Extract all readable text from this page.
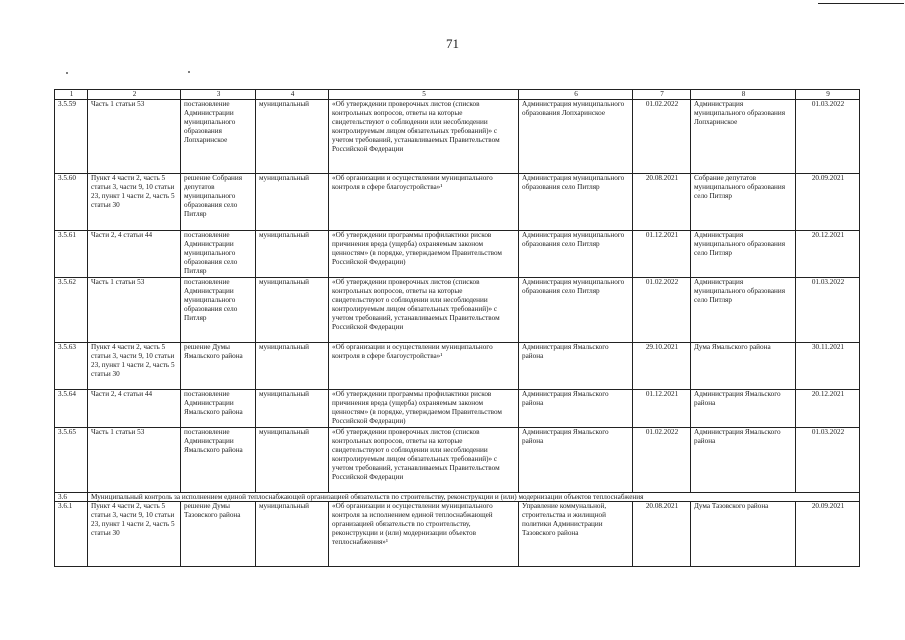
71
1	2	3	4	5	6	7	8	9
3.5.59	Часть 1 статьи 53	постановление Администрации муниципального образования Лопхаринское	муниципальный	«Об утверждении проверочных листов (списков контрольных вопросов, ответы на которые свидетельствуют о соблюдении или несоблюдении контролируемым лицом обязательных требований)» с учетом требований, устанавливаемых Правительством Российской Федерации	Администрация муниципального образования Лопхаринское	01.02.2022	Администрация муниципального образования Лопхаринское	01.03.2022
3.5.60	Пункт 4 части 2, часть 5 статьи 3, части 9, 10 статьи 23, пункт 1 части 2, часть 5 статьи 30	решение Собрания депутатов муниципального образования село Питляр	муниципальный	«Об организации и осуществлении муниципального контроля в сфере благоустройства»¹	Администрация муниципального образования село Питляр	20.08.2021	Собрание депутатов муниципального образования село Питляр	20.09.2021
3.5.61	Части 2, 4 статьи 44	постановление Администрации муниципального образования село Питляр	муниципальный	«Об утверждении программы профилактики рисков причинения вреда (ущерба) охраняемым законом ценностям» (в порядке, утверждаемом Правительством Российской Федерации)	Администрация муниципального образования село Питляр	01.12.2021	Администрация муниципального образования село Питляр	20.12.2021
3.5.62	Часть 1 статьи 53	постановление Администрации муниципального образования село Питляр	муниципальный	«Об утверждении проверочных листов (списков контрольных вопросов, ответы на которые свидетельствуют о соблюдении или несоблюдении контролируемым лицом обязательных требований)» с учетом требований, устанавливаемых Правительством Российской Федерации	Администрация муниципального образования село Питляр	01.02.2022	Администрация муниципального образования село Питляр	01.03.2022
3.5.63	Пункт 4 части 2, часть 5 статьи 3, части 9, 10 статьи 23, пункт 1 части 2, часть 5 статьи 30	решение Думы Ямальского района	муниципальный	«Об организации и осуществлении муниципального контроля в сфере благоустройства»¹	Администрация Ямальского района	29.10.2021	Дума Ямальского района	30.11.2021
3.5.64	Части 2, 4 статьи 44	постановление Администрации Ямальского района	муниципальный	«Об утверждении программы профилактики рисков причинения вреда (ущерба) охраняемым законом ценностям» (в порядке, утверждаемом Правительством Российской Федерации)	Администрация Ямальского района	01.12.2021	Администрация Ямальского района	20.12.2021
3.5.65	Часть 1 статьи 53	постановление Администрации Ямальского района	муниципальный	«Об утверждении проверочных листов (списков контрольных вопросов, ответы на которые свидетельствуют о соблюдении или несоблюдении контролируемым лицом обязательных требований)» с учетом требований, устанавливаемых Правительством Российской Федерации	Администрация Ямальского района	01.02.2022	Администрация Ямальского района	01.03.2022
3.6	Муниципальный контроль за исполнением единой теплоснабжающей организацией обязательств по строительству, реконструкции и (или) модернизации объектов теплоснабжения							
3.6.1	Пункт 4 части 2, часть 5 статьи 3, части 9, 10 статьи 23, пункт 1 части 2, часть 5 статьи 30	решение Думы Тазовского района	муниципальный	«Об организации и осуществлении муниципального контроля за исполнением единой теплоснабжающей организацией обязательств по строительству, реконструкции и (или) модернизации объектов теплоснабжения»¹	Управление коммунальной, строительства и жилищной политики Администрации Тазовского района	20.08.2021	Дума Тазовского района	20.09.2021
